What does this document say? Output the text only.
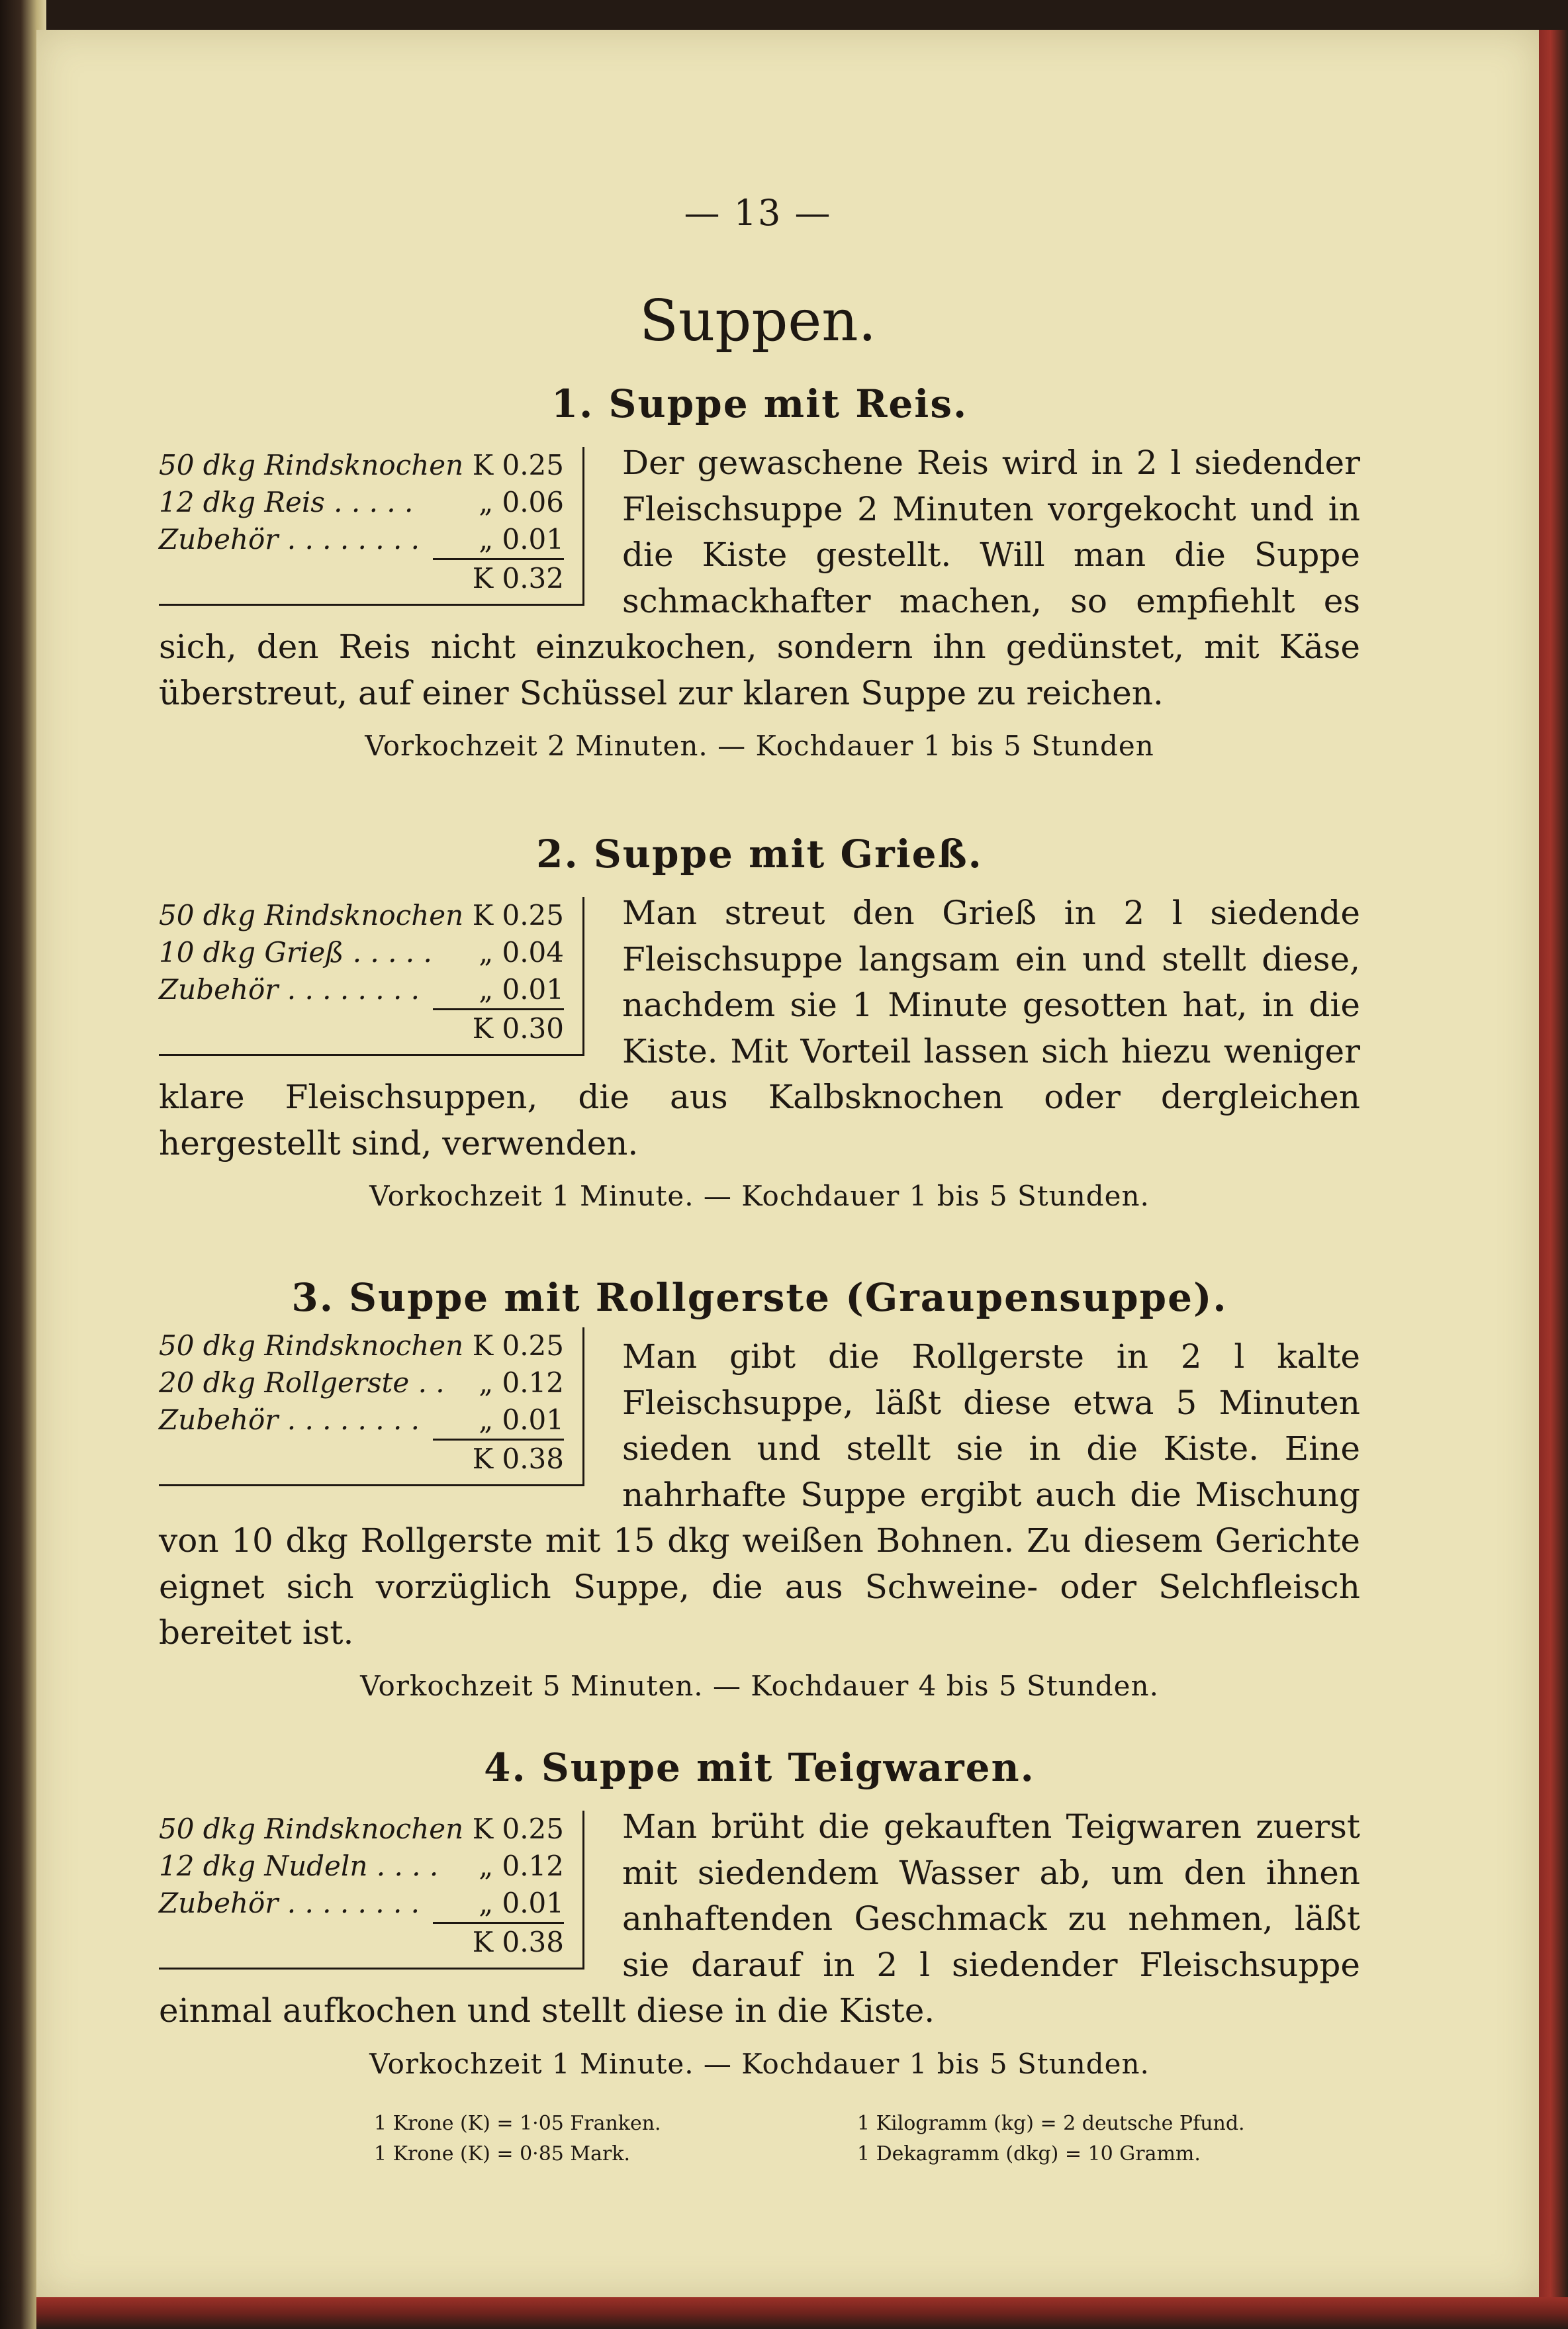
— 13 —
Suppen.
1. Suppe mit Reis.
50 dkg Rindsknochen K 0.25
12 dkg Reis . . . . . „ 0.06
Zubehör . . . . . . . . „ 0.01
K 0.32
Der gewaschene Reis wird in 2 l siedender Fleischsuppe 2 Minuten vorgekocht und in die Kiste gestellt. Will man die Suppe schmackhafter machen, so empfiehlt es sich, den Reis nicht einzukochen, sondern ihn gedünstet, mit Käse überstreut, auf einer Schüssel zur klaren Suppe zu reichen.
Vorkochzeit 2 Minuten. — Kochdauer 1 bis 5 Stunden
2. Suppe mit Grieß.
50 dkg Rindsknochen K 0.25
10 dkg Grieß . . . . . „ 0.04
Zubehör . . . . . . . . „ 0.01
K 0.30
Man streut den Grieß in 2 l siedende Fleischsuppe langsam ein und stellt diese, nachdem sie 1 Minute gesotten hat, in die Kiste. Mit Vorteil lassen sich hiezu weniger klare Fleischsuppen, die aus Kalbsknochen oder dergleichen hergestellt sind, verwenden.
Vorkochzeit 1 Minute. — Kochdauer 1 bis 5 Stunden.
3. Suppe mit Rollgerste (Graupensuppe).
50 dkg Rindsknochen K 0.25
20 dkg Rollgerste . . „ 0.12
Zubehör . . . . . . . . „ 0.01
K 0.38
Man gibt die Rollgerste in 2 l kalte Fleischsuppe, läßt diese etwa 5 Minuten sieden und stellt sie in die Kiste. Eine nahrhafte Suppe ergibt auch die Mischung von 10 dkg Rollgerste mit 15 dkg weißen Bohnen. Zu diesem Gerichte eignet sich vorzüglich Suppe, die aus Schweine- oder Selchfleisch bereitet ist.
Vorkochzeit 5 Minuten. — Kochdauer 4 bis 5 Stunden.
4. Suppe mit Teigwaren.
50 dkg Rindsknochen K 0.25
12 dkg Nudeln . . . . „ 0.12
Zubehör . . . . . . . . „ 0.01
K 0.38
Man brüht die gekauften Teigwaren zuerst mit siedendem Wasser ab, um den ihnen anhaftenden Geschmack zu nehmen, läßt sie darauf in 2 l siedender Fleischsuppe einmal aufkochen und stellt diese in die Kiste.
Vorkochzeit 1 Minute. — Kochdauer 1 bis 5 Stunden.
1 Krone (K) = 1·05 Franken.	1 Kilogramm (kg) = 2 deutsche Pfund.
1 Krone (K) = 0·85 Mark.	1 Dekagramm (dkg) = 10 Gramm.
